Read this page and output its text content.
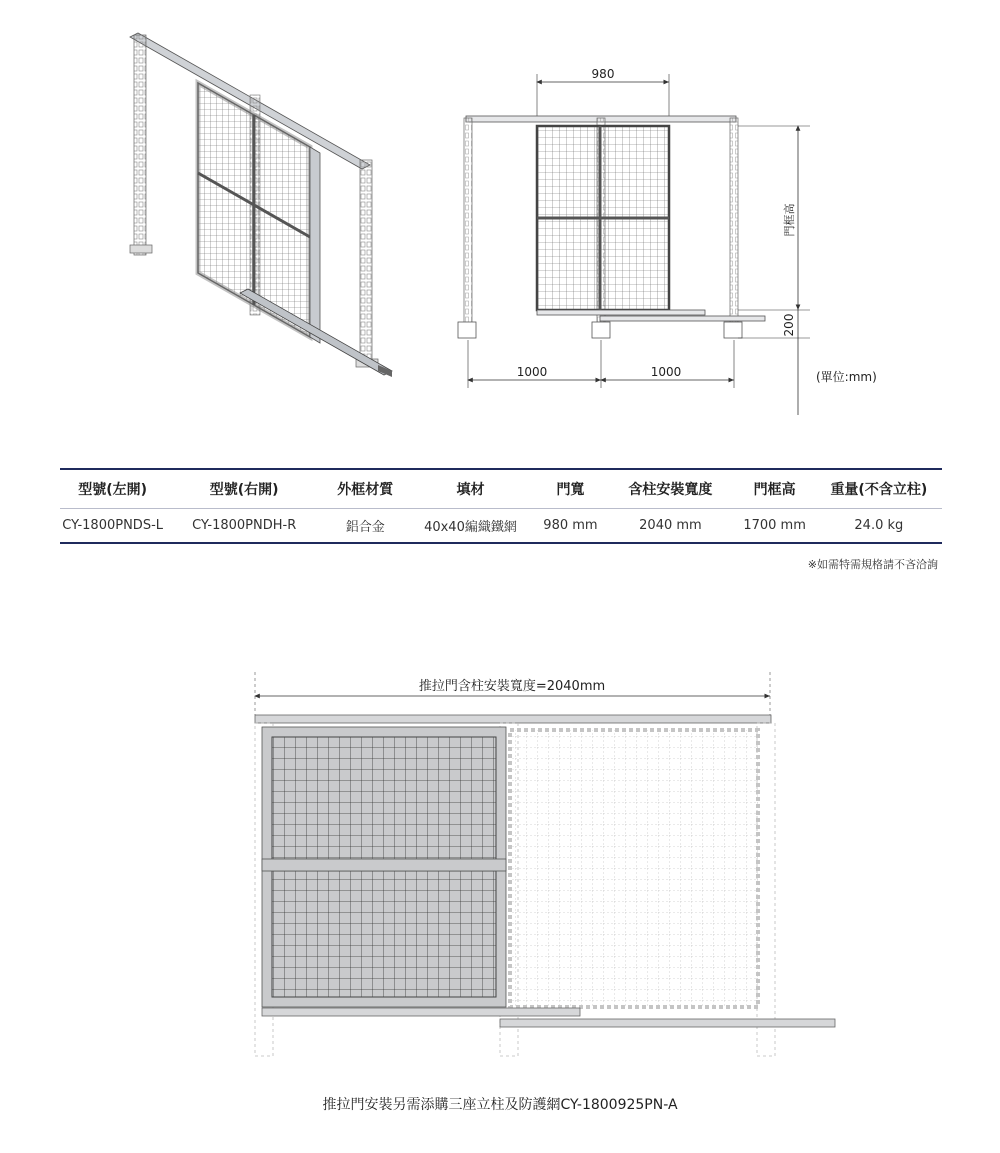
980
門框高
200
1000	1000	(單位:mm)
型號(左開)	型號(右開)	外框材質	填材	門寬	含柱安裝寬度	門框高	重量(不含立柱)
CY-1800PNDS-L	CY-1800PNDH-R	鋁合金	40x40編織鐵網	980 mm	2040 mm	1700 mm	24.0 kg
※如需特需規格請不吝洽詢
推拉門含柱安裝寬度=2040mm
推拉門安裝另需添購三座立柱及防護網CY-1800925PN-A
